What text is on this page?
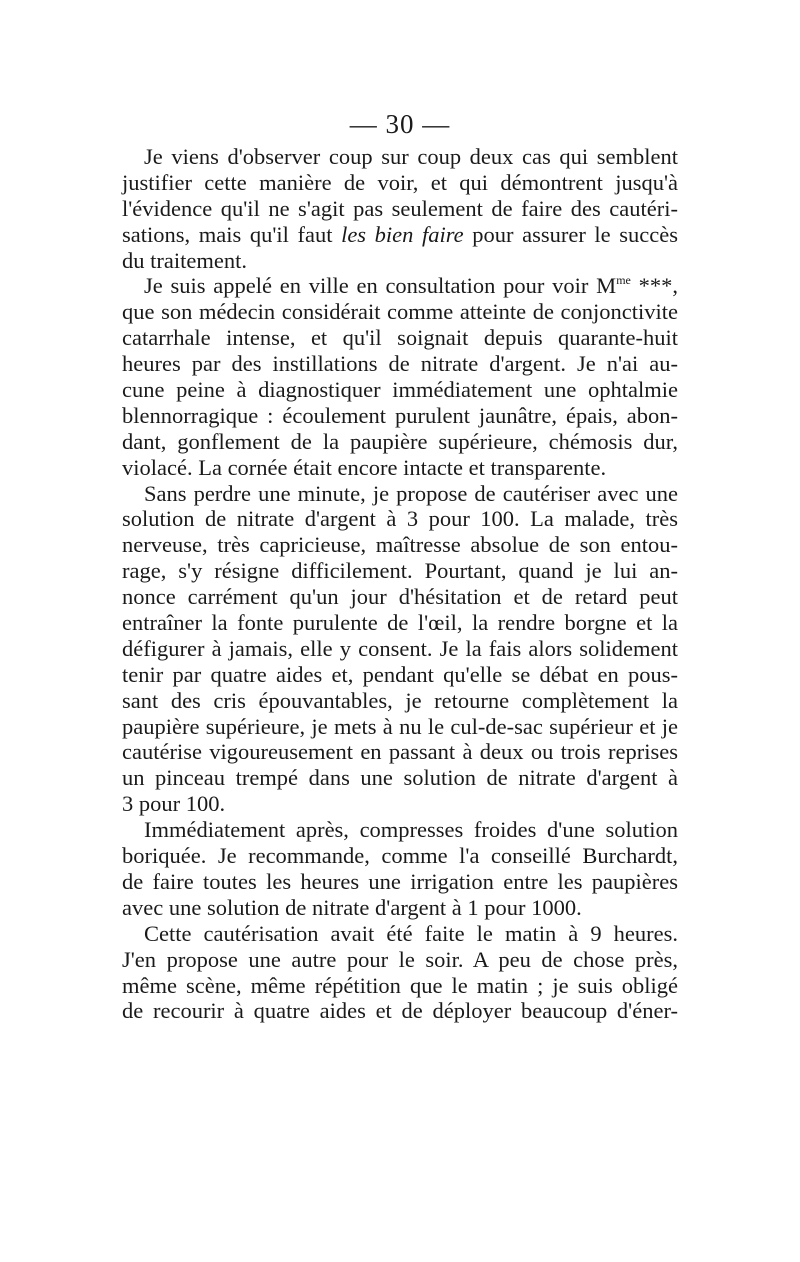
— 30 —
Je viens d'observer coup sur coup deux cas qui semblent
justifier cette manière de voir, et qui démontrent jusqu'à
l'évidence qu'il ne s'agit pas seulement de faire des cautéri-
sations, mais qu'il faut les bien faire pour assurer le succès
du traitement.
Je suis appelé en ville en consultation pour voir $M^{me}$ ***,
que son médecin considérait comme atteinte de conjonctivite
catarrhale intense, et qu'il soignait depuis quarante-huit
heures par des instillations de nitrate d'argent. Je n'ai au-
cune peine à diagnostiquer immédiatement une ophtalmie
blennorragique : écoulement purulent jaunâtre, épais, abon-
dant, gonflement de la paupière supérieure, chémosis dur,
violacé. La cornée était encore intacte et transparente.
Sans perdre une minute, je propose de cautériser avec une
solution de nitrate d'argent à 3 pour 100. La malade, très
nerveuse, très capricieuse, maîtresse absolue de son entou-
rage, s'y résigne difficilement. Pourtant, quand je lui an-
nonce carrément qu'un jour d'hésitation et de retard peut
entraîner la fonte purulente de l'œil, la rendre borgne et la
défigurer à jamais, elle y consent. Je la fais alors solidement
tenir par quatre aides et, pendant qu'elle se débat en pous-
sant des cris épouvantables, je retourne complètement la
paupière supérieure, je mets à nu le cul-de-sac supérieur et je
cautérise vigoureusement en passant à deux ou trois reprises
un pinceau trempé dans une solution de nitrate d'argent à
3 pour 100.
Immédiatement après, compresses froides d'une solution
boriquée. Je recommande, comme l'a conseillé Burchardt,
de faire toutes les heures une irrigation entre les paupières
avec une solution de nitrate d'argent à 1 pour 1000.
Cette cautérisation avait été faite le matin à 9 heures.
J'en propose une autre pour le soir. A peu de chose près,
même scène, même répétition que le matin ; je suis obligé
de recourir à quatre aides et de déployer beaucoup d'éner-
